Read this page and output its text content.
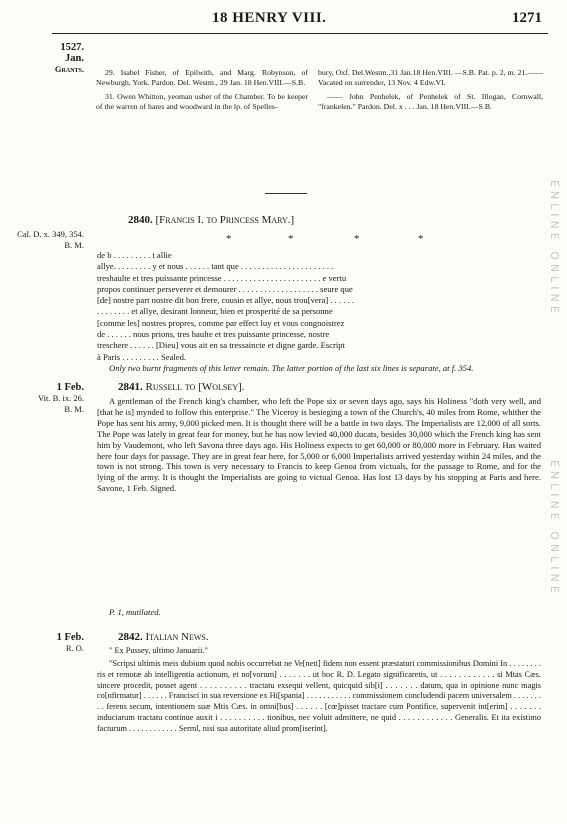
18 HENRY VIII.	1271
1527.
Jan.
Grants.	29. Isabel Fisher, of Epilwith, and Marg. Robynson, of Newburgh, York. Pardon. Del. Westm., 29 Jan. 18 Hen.VIII.—S.B.
31. Owen Whitton, yeoman usher of the Chamber. To be keeper of the warren of hares and woodward in the lp. of Spelles-
bury, Oxf. Del.Westm.,31 Jan.18 Hen.VIII. —S.B. Pat. p. 2, m. 21.——Vacated on surrender, 13 Nov. 4 Edw.VI.
—— John Penhelek, of Penhelek of St. Illogan, Cornwall, "frankelen." Pardon. Del. x . . . Jan. 18 Hen.VIII.—S.B.
2840. [Francis I. to Princess Mary.]
Cal. D. x. 349, 354.
B. M.	*	*	*	*
de b . . . . . . . . . t allie
allye. . . . . . . . . y et nous . . . . . . tant que . . . . . . . . . . . . . . . . . . . . . .
treshaulte et tres puissante princesse . . . . . . . . . . . . . . . . . . . . . . . e vertu
propos continuer perseverer et demourer . . . . . . . . . . . . . . . . . . . seure que
[de] nostre part nostre dit bon frere, cousin et allye, nous trou[vera] . . . . . .
. . . . . . . . et allye, desirant lonneur, bien et prosperité de sa personne
[comme les] nostres propres, comme par effect luy et vous congnoistrez
de . . . . . . nous prions, tres haulte et tres puissante princesse, nostre
treschere . . . . . . [Dieu] vous ait en sa tressaincte et digne garde. Escript
à Paris . . . . . . . . . Sealed.
Only two burnt fragments of this letter remain. The latter portion of the last six lines is separate, at f. 354.
1 Feb.
Vit. B. ix. 26.
B. M.
2841. Russell to [Wolsey].
A gentleman of the French king's chamber, who left the Pope six or seven days ago, says his Holiness "doth very well, and [that he is] mynded to follow this enterprise." The Viceroy is besieging a town of the Church's, 40 miles from Rome, whither the Pope has sent his army, 9,000 picked men. It is thought there will be a battle in two days. The Imperialists are 12,000 of all sorts. The Pope was lately in great fear for money, but he has now levied 40,000 ducats, besides 30,000 which the French king has sent him by Vaudemont, who left Savona three days ago. His Holiness expects to get 60,000 or 80,000 more in February. Has waited here four days for passage. They are in great fear here, for 5,000 or 6,000 Imperialists arrived yesterday within 24 miles, and the town is not strong. This town is very necessary to Francis to keep Genoa from victuals, for the passage to Rome, and for the lying of the army. It is thought the Imperialists are going to victual Genoa. Has lost 13 days by his stopping at Paris and here. Savone, 1 Feb. Signed.
P. 1, mutilated.
1 Feb.
R. O.
2842. Italian News.
" Ex Pussey, ultimo Januarii."
"Scripsi ultimis meis dubium quod nobis occurrebat ne Ve[neti] fidem non essent præstaturi commissionibus Domini In . . . . . . . . ris et remotæ ab intelligentia actionum, et no[vorum] . . . . . . . ut hoc R. D. Legato significaretis, ut . . . . . . . . . . . . si Mtas Cæs. sincere procedit, posset agent . . . . . . . . . . tractatu exsequi vellent, quicquid sib[i] . . . . . . . datum, qua in opinione nunc magis co[nfirmatur] . . . . . . Francisci in sua reversione ex Hi[spania] . . . . . . . . . . . commissionem concludendi pacem universalem . . . . . . . . . ferens secum, intentionem suæ Mtis Cæs. in omni[bus] . . . . . . [cœ]pisset tractare cum Pontifice, supervenit int[erim] . . . . . . . induciarum tractatu continue auxit i . . . . . . . . . . tionibus, nec voluit admittere, ne quid . . . . . . . . . . . . Generalis. Et ita existimo facturum . . . . . . . . . . . . Serml, nisi sua autoritate aliud prom[iserint].
ENLINE ONLINE
ENLINE ONLINE
